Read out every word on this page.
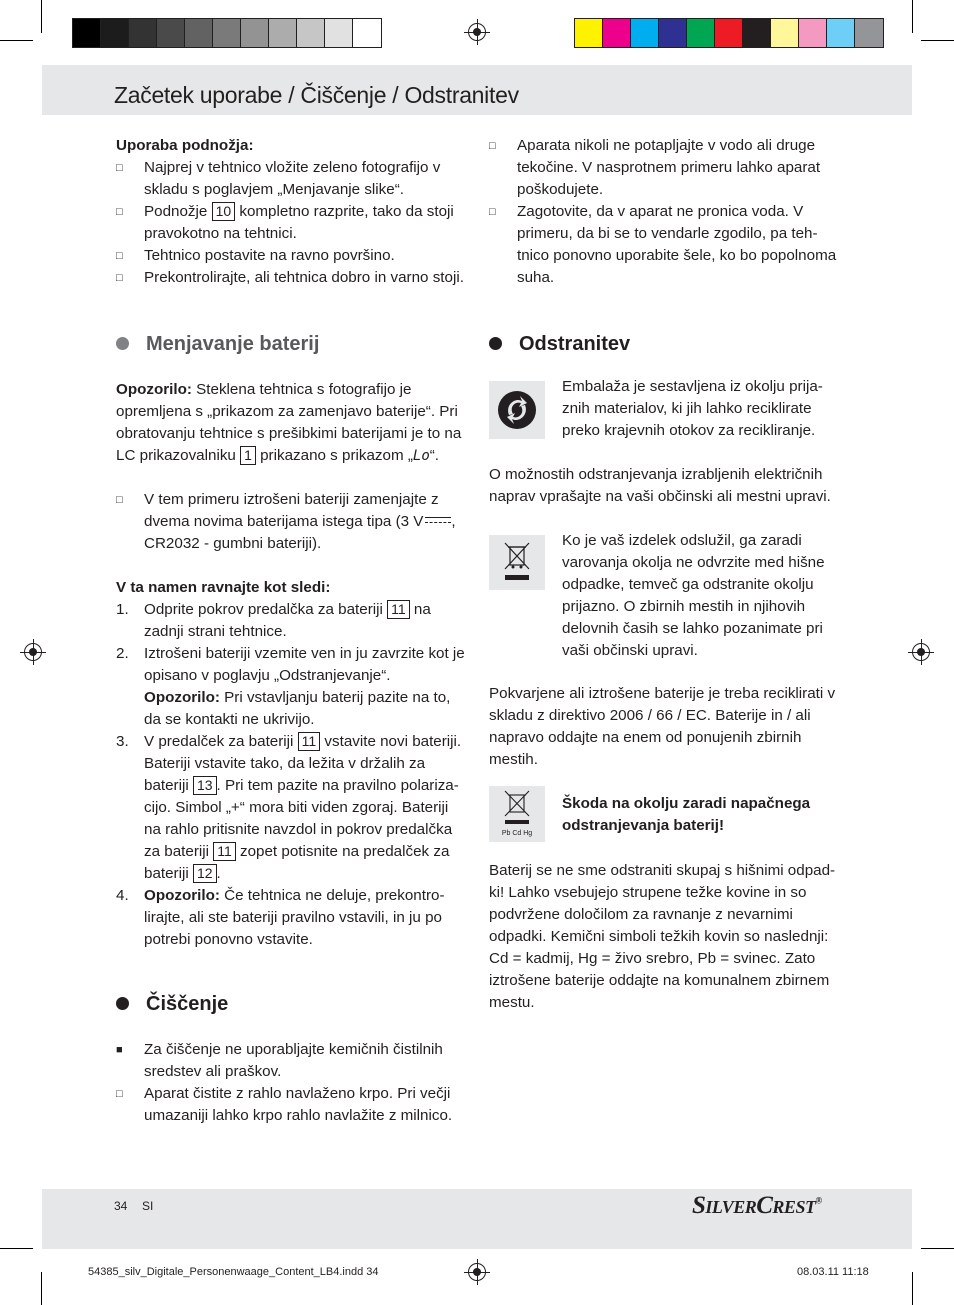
Začetek uporabe / Čiščenje / Odstranitev
Uporaba podnožja:
□ Najprej v tehtnico vložite zeleno fotografijo v skladu s poglavjem „Menjavanje slike“.
□ Podnožje 10 kompletno razprite, tako da stoji pravokotno na tehtnici.
□ Tehtnico postavite na ravno površino.
□ Prekontrolirajte, ali tehtnica dobro in varno stoji.
Menjavanje baterij
Opozorilo: Steklena tehtnica s fotografijo je opremljena s „prikazom za zamenjavo baterije“. Pri obratovanju tehtnice s prešibkimi baterijami je to na LC prikazovalniku 1 prikazano s prikazom „Lo“.
□ V tem primeru iztrošeni bateriji zamenjajte z dvema novima baterijama istega tipa (3 V , CR2032 - gumbni bateriji).
V ta namen ravnajte kot sledi:
1. Odprite pokrov predalčka za bateriji 11 na zadnji strani tehtnice.
2. Iztrošeni bateriji vzemite ven in ju zavrzite kot je opisano v poglavju „Odstranjevanje“.
Opozorilo: Pri vstavljanju baterij pazite na to, da se kontakti ne ukrivijo.
3. V predalček za bateriji 11 vstavite novi bateriji. Bateriji vstavite tako, da ležita v držalih za bateriji 13 . Pri tem pazite na pravilno polarizacijo. Simbol „+“ mora biti viden zgoraj. Bateriji na rahlo pritisnite navzdol in pokrov predalčka za bateriji 11 zopet potisnite na predalček za bateriji 12 .
4. Opozorilo: Če tehtnica ne deluje, prekontrolirajte, ali ste bateriji pravilno vstavili, in ju po potrebi ponovno vstavite.
Čiščenje
■ Za čiščenje ne uporabljajte kemičnih čistilnih sredstev ali praškov.
□ Aparat čistite z rahlo navlaženo krpo. Pri večji umazaniji lahko krpo rahlo navlažite z milnico.
□ Aparata nikoli ne potapljajte v vodo ali druge tekočine. V nasprotnem primeru lahko aparat poškodujete.
□ Zagotovite, da v aparat ne pronica voda. V primeru, da bi se to vendarle zgodilo, pa tehtnico ponovno uporabite šele, ko bo popolnoma suha.
Odstranitev
Embalaža je sestavljena iz okolju prijaznih materialov, ki jih lahko reciklirate preko krajevnih otokov za recikliranje.
O možnostih odstranjevanja izrabljenih električnih naprav vprašajte na vaši občinski ali mestni upravi.
Ko je vaš izdelek odslužil, ga zaradi varovanja okolja ne odvrzite med hišne odpadke, temveč ga odstranite okolju prijazno. O zbirnih mestih in njihovih delovnih časih se lahko pozanimate pri vaši občinski upravi.
Pokvarjene ali iztrošene baterije je treba reciklirati v skladu z direktivo 2006 / 66 / EC. Baterije in / ali napravo oddajte na enem od ponujenih zbirnih mestih.
Pb Cd Hg
Škoda na okolju zaradi napačnega odstranjevanja baterij!
Baterij se ne sme odstraniti skupaj s hišnimi odpadki! Lahko vsebujejo strupene težke kovine in so podvržene določilom za ravnanje z nevarnimi odpadki. Kemični simboli težkih kovin so naslednji: Cd = kadmij, Hg = živo srebro, Pb = svinec. Zato iztrošene baterije oddajte na komunalnem zbirnem mestu.
34 SI	SilverCrest®
54385_silv_Digitale_Personenwaage_Content_LB4.indd 34	08.03.11 11:18
